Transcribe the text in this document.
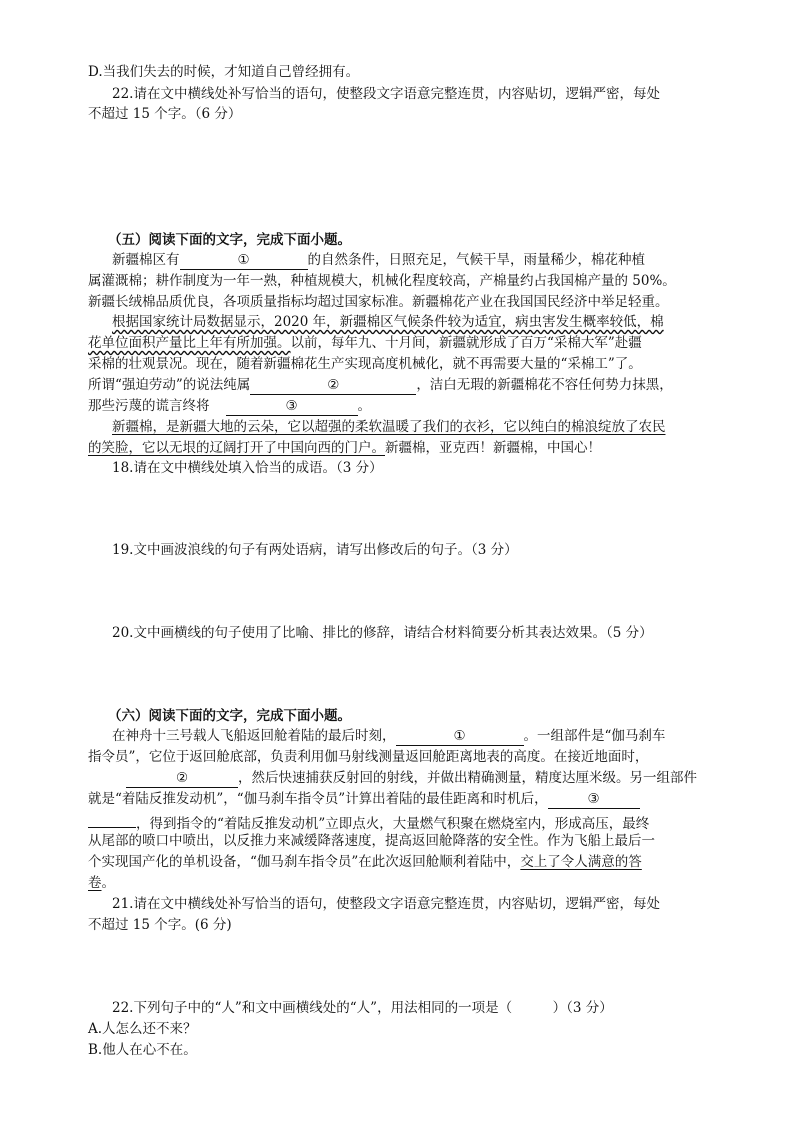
D.当我们失去的时候，才知道自己曾经拥有。
22.请在文中横线处补写恰当的语句，使整段文字语意完整连贯，内容贴切，逻辑严密，每处
不超过 15 个字。（6 分）
（五）阅读下面的文字，完成下面小题。
新疆棉区有	①	的自然条件，日照充足，气候干旱，雨量稀少，棉花种植
属灌溉棉；耕作制度为一年一熟，种植规模大，机械化程度较高，产棉量约占我国棉产量的 50%。
新疆长绒棉品质优良，各项质量指标均超过国家标准。新疆棉花产业在我国国民经济中举足轻重。
根据国家统计局数据显示，2020 年，新疆棉区气候条件较为适宜，病虫害发生概率较低，棉
花单位面积产量比上年有所加强。以前，每年九、十月间，新疆就形成了百万“采棉大军”赴疆
采棉的壮观景况。现在，随着新疆棉花生产实现高度机械化，就不再需要大量的“采棉工”了。
所谓“强迫劳动”的说法纯属	②	，洁白无瑕的新疆棉花不容任何势力抹黑，
那些污蔑的谎言终将	③	。
新疆棉，是新疆大地的云朵，它以超强的柔软温暖了我们的衣衫，它以纯白的棉浪绽放了农民
的笑脸，它以无垠的辽阔打开了中国向西的门户。新疆棉，亚克西！新疆棉，中国心！
18.请在文中横线处填入恰当的成语。（3 分）
19.文中画波浪线的句子有两处语病，请写出修改后的句子。（3 分）
20.文中画横线的句子使用了比喻、排比的修辞，请结合材料简要分析其表达效果。（5 分）
（六）阅读下面的文字，完成下面小题。
在神舟十三号载人飞船返回舱着陆的最后时刻，	①	。一组部件是“伽马刹车
指令员”，它位于返回舱底部，负责利用伽马射线测量返回舱距离地表的高度。在接近地面时，
②	，然后快速捕获反射回的射线，并做出精确测量，精度达厘米级。另一组部件
就是“着陆反推发动机”，“伽马刹车指令员”计算出着陆的最佳距离和时机后，	③
，得到指令的“着陆反推发动机”立即点火，大量燃气积聚在燃烧室内，形成高压，最终
从尾部的喷口中喷出，以反推力来减缓降落速度，提高返回舱降落的安全性。作为飞船上最后一
个实现国产化的单机设备，“伽马刹车指令员”在此次返回舱顺利着陆中，交上了令人满意的答
卷。
21.请在文中横线处补写恰当的语句，使整段文字语意完整连贯，内容贴切，逻辑严密，每处
不超过 15 个字。(6 分)
22.下列句子中的“人”和文中画横线处的“人”，用法相同的一项是（　　　）（3 分）
A.人怎么还不来？
B.他人在心不在。
